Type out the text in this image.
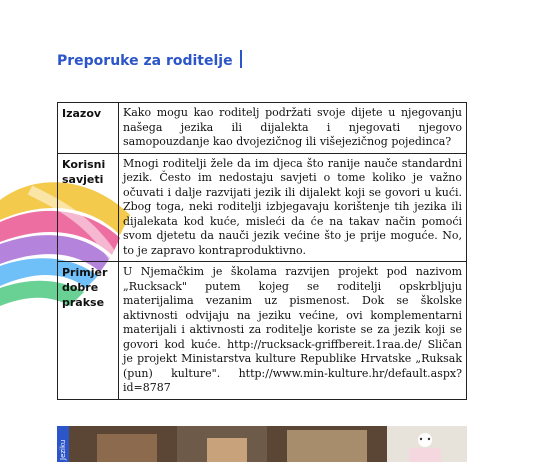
Preporuke za roditelje
Izazov	Kako mogu kao roditelj podržati svoje dijete u njegovanju našega jezika ili dijalekta i njegovati njegovo samopouzdanje kao dvojezičnog ili višejezičnog pojedinca?
Korisni savjeti	Mnogi roditelji žele da im djeca što ranije nauče standardni jezik. Često im nedostaju savjeti o tome koliko je važno očuvati i dalje razvijati jezik ili dijalekt koji se govori u kući. Zbog toga, neki roditelji izbjegavaju korištenje tih jezika ili dijalekata kod kuće, misleći da će na takav način pomoći svom djetetu da nauči jezik većine što je prije moguće. No, to je zapravo kontraproduktivno.
Primjer dobre prakse	U Njemačkim je školama razvijen projekt pod nazivom „Rucksack" putem kojeg se roditelji opskrbljuju materijalima vezanim uz pismenost. Dok se školske aktivnosti odvijaju na jeziku većine, ovi komplementarni materijali i aktivnosti za roditelje koriste se za jezik koji se govori kod kuće. http://rucksack-griffbereit.1raa.de/ Sličan je projekt Ministarstva kulture Republike Hrvatske „Ruksak (pun) kulture". http://www.min-kulture.hr/default.aspx?id=8787
Jeziku
